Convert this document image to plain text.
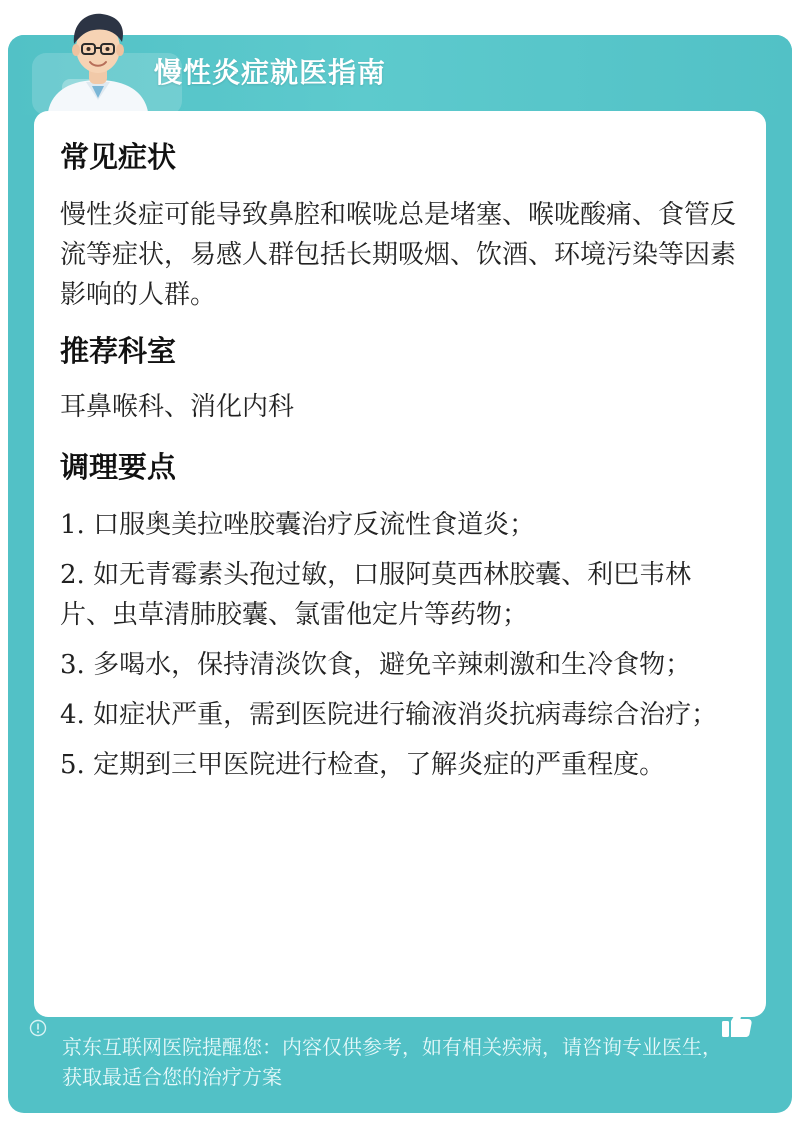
慢性炎症就医指南
常见症状

慢性炎症可能导致鼻腔和喉咙总是堵塞、喉咙酸痛、食管反流等症状，易感人群包括长期吸烟、饮酒、环境污染等因素影响的人群。

推荐科室

耳鼻喉科、消化内科

调理要点

1. 口服奥美拉唑胶囊治疗反流性食道炎；

2. 如无青霉素头孢过敏，口服阿莫西林胶囊、利巴韦林片、虫草清肺胶囊、氯雷他定片等药物；

3. 多喝水，保持清淡饮食，避免辛辣刺激和生冷食物；

4. 如症状严重，需到医院进行输液消炎抗病毒综合治疗；

5. 定期到三甲医院进行检查，了解炎症的严重程度。

京东互联网医院提醒您：内容仅供参考，如有相关疾病，请咨询专业医生，获取最适合您的治疗方案
